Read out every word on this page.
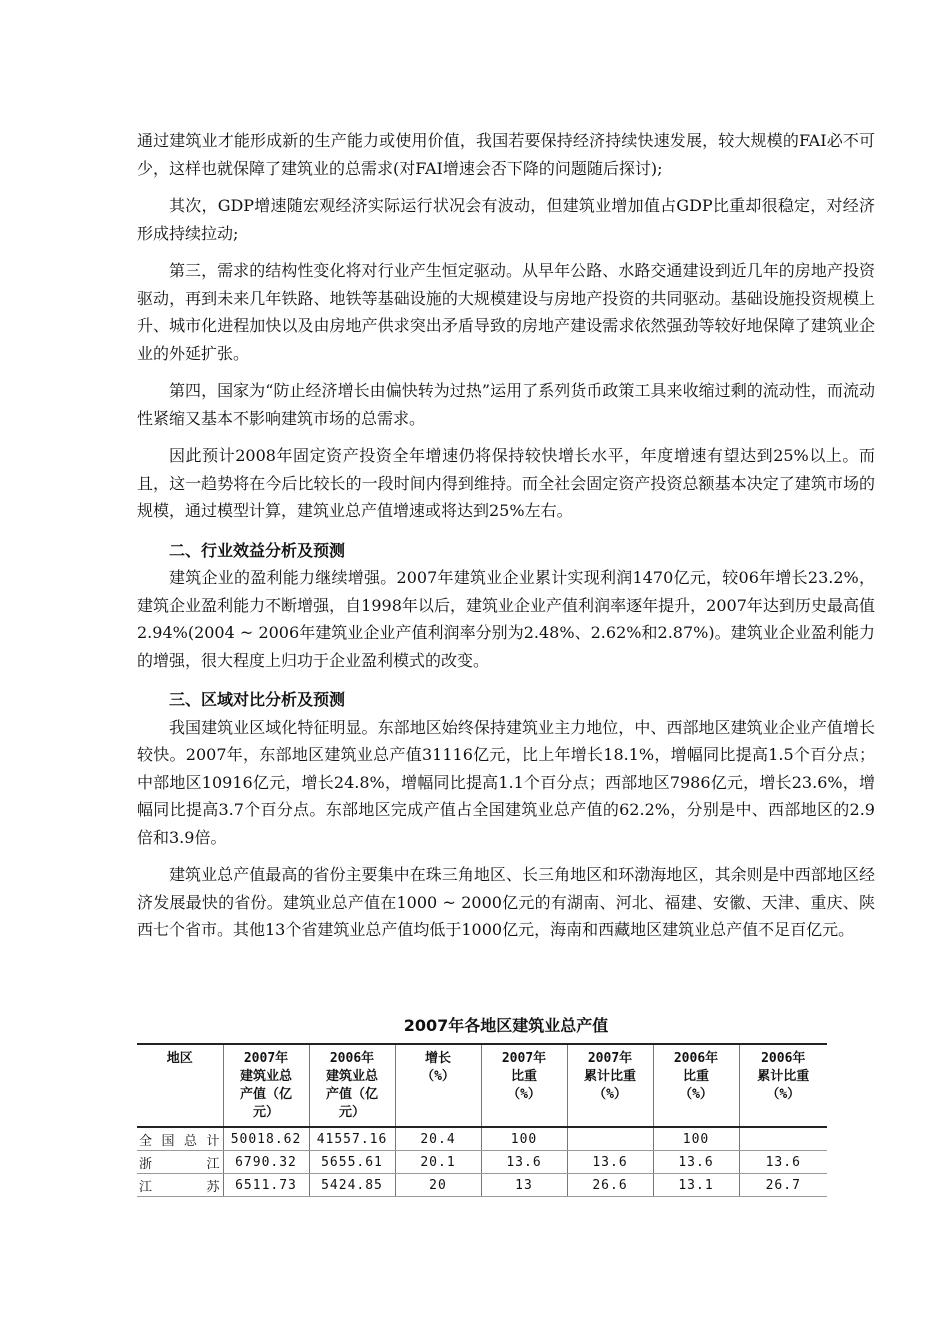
通过建筑业才能形成新的生产能力或使用价值，我国若要保持经济持续快速发展，较大规模的FAI必不可少，这样也就保障了建筑业的总需求(对FAI增速会否下降的问题随后探讨);

其次，GDP增速随宏观经济实际运行状况会有波动，但建筑业增加值占GDP比重却很稳定，对经济形成持续拉动;

第三，需求的结构性变化将对行业产生恒定驱动。从早年公路、水路交通建设到近几年的房地产投资驱动，再到未来几年铁路、地铁等基础设施的大规模建设与房地产投资的共同驱动。基础设施投资规模上升、城市化进程加快以及由房地产供求突出矛盾导致的房地产建设需求依然强劲等较好地保障了建筑业企业的外延扩张。

第四，国家为“防止经济增长由偏快转为过热”运用了系列货币政策工具来收缩过剩的流动性，而流动性紧缩又基本不影响建筑市场的总需求。

因此预计2008年固定资产投资全年增速仍将保持较快增长水平，年度增速有望达到25%以上。而且，这一趋势将在今后比较长的一段时间内得到维持。而全社会固定资产投资总额基本决定了建筑市场的规模，通过模型计算，建筑业总产值增速或将达到25%左右。

二、行业效益分析及预测

建筑企业的盈利能力继续增强。2007年建筑业企业累计实现利润1470亿元，较06年增长23.2%，建筑企业盈利能力不断增强，自1998年以后，建筑业企业产值利润率逐年提升，2007年达到历史最高值2.94%(2004 ~ 2006年建筑业企业产值利润率分别为2.48%、2.62%和2.87%)。建筑业企业盈利能力的增强，很大程度上归功于企业盈利模式的改变。

三、区域对比分析及预测

我国建筑业区域化特征明显。东部地区始终保持建筑业主力地位，中、西部地区建筑业企业产值增长较快。2007年，东部地区建筑业总产值31116亿元，比上年增长18.1%，增幅同比提高1.5个百分点；中部地区10916亿元，增长24.8%，增幅同比提高1.1个百分点；西部地区7986亿元，增长23.6%，增幅同比提高3.7个百分点。东部地区完成产值占全国建筑业总产值的62.2%，分别是中、西部地区的2.9倍和3.9倍。

建筑业总产值最高的省份主要集中在珠三角地区、长三角地区和环渤海地区，其余则是中西部地区经济发展最快的省份。建筑业总产值在1000 ~ 2000亿元的有湖南、河北、福建、安徽、天津、重庆、陕西七个省市。其他13个省建筑业总产值均低于1000亿元，海南和西藏地区建筑业总产值不足百亿元。

2007年各地区建筑业总产值
地区	2007年
建筑业总
产值（亿
元）	2006年
建筑业总
产值（亿
元）	增长
（%）	2007年
比重
（%）	2007年
累计比重
（%）	2006年
比重
（%）	2006年
累计比重
（%）
全国总计	50018.62	41557.16	20.4	100		100	
浙江	6790.32	5655.61	20.1	13.6	13.6	13.6	13.6
江苏	6511.73	5424.85	20	13	26.6	13.1	26.7
